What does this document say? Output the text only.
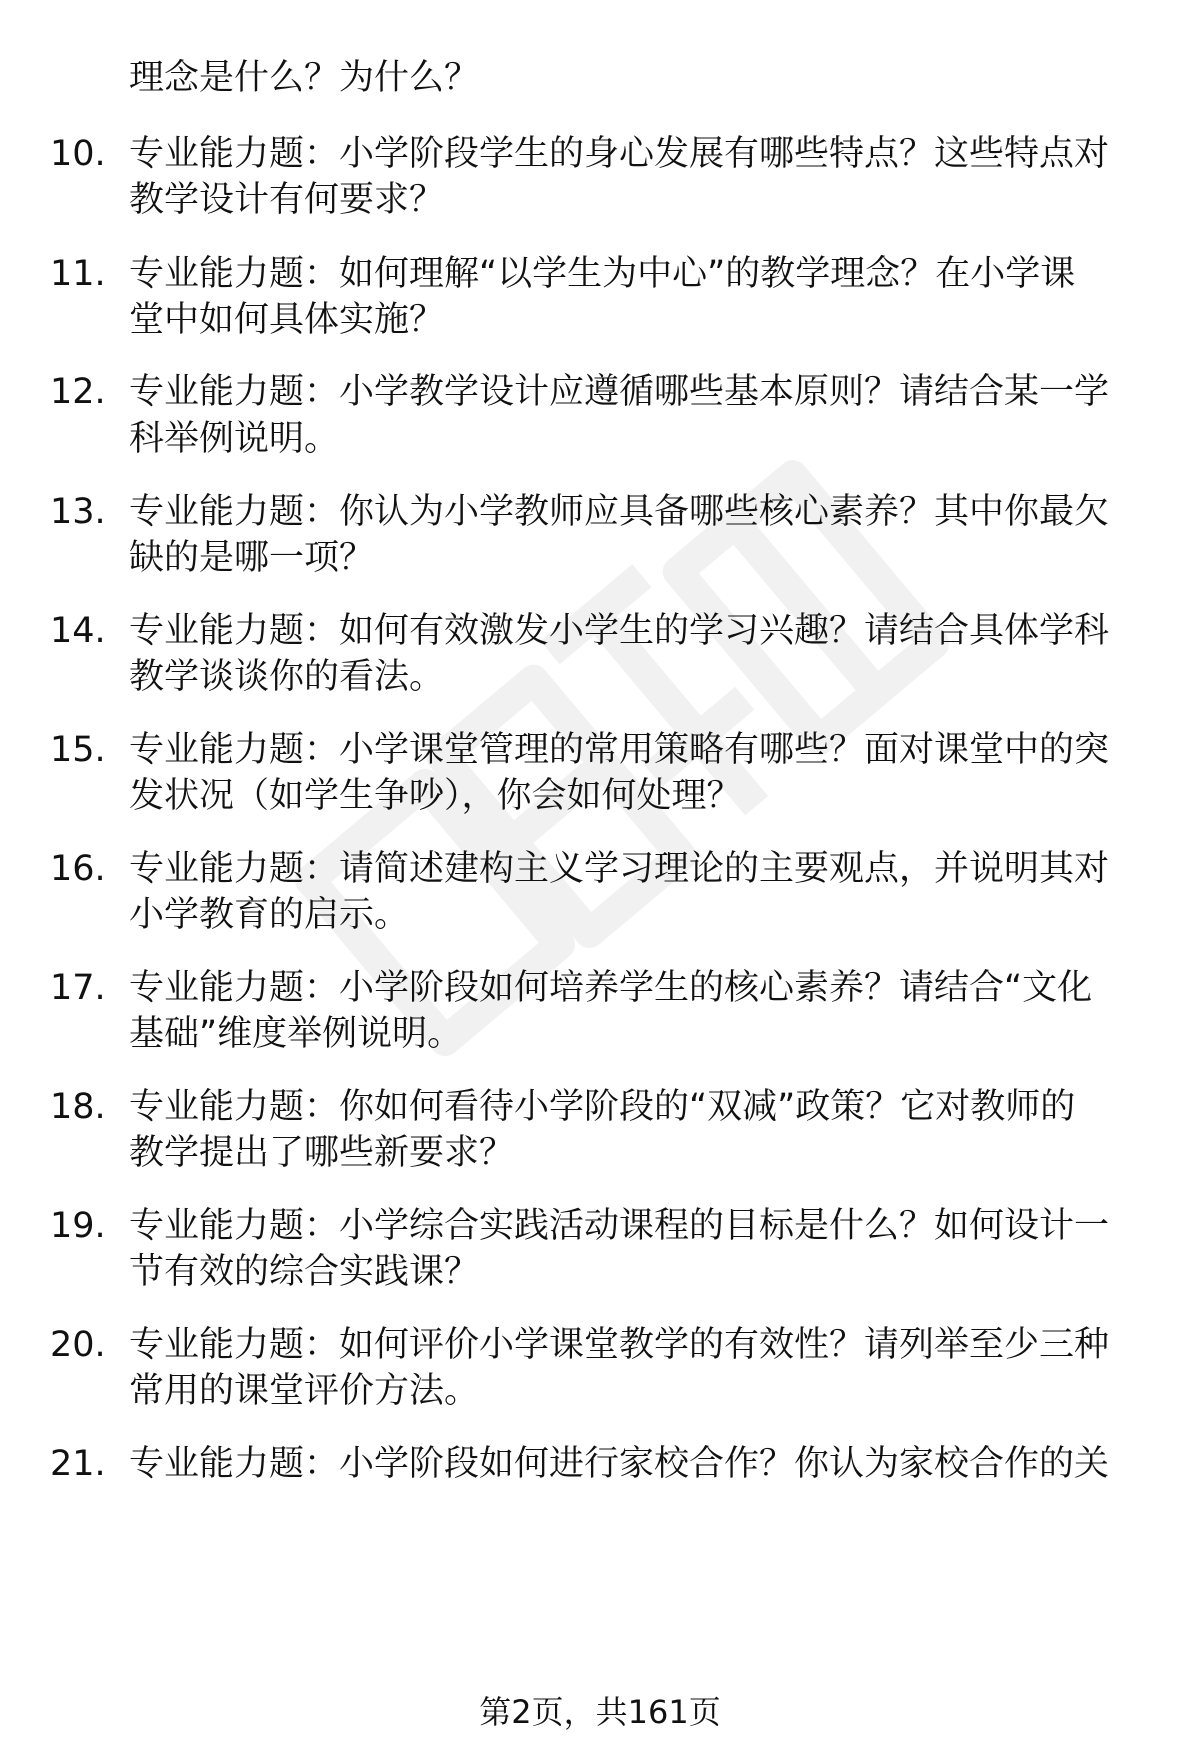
理念是什么？为什么？
10. 专业能力题：小学阶段学生的身心发展有哪些特点？这些特点对
教学设计有何要求？
11. 专业能力题：如何理解“以学生为中心”的教学理念？在小学课
堂中如何具体实施？
12. 专业能力题：小学教学设计应遵循哪些基本原则？请结合某一学
科举例说明。
13. 专业能力题：你认为小学教师应具备哪些核心素养？其中你最欠
缺的是哪一项？
14. 专业能力题：如何有效激发小学生的学习兴趣？请结合具体学科
教学谈谈你的看法。
15. 专业能力题：小学课堂管理的常用策略有哪些？面对课堂中的突
发状况（如学生争吵），你会如何处理？
16. 专业能力题：请简述建构主义学习理论的主要观点，并说明其对
小学教育的启示。
17. 专业能力题：小学阶段如何培养学生的核心素养？请结合“文化
基础”维度举例说明。
18. 专业能力题：你如何看待小学阶段的“双减”政策？它对教师的
教学提出了哪些新要求？
19. 专业能力题：小学综合实践活动课程的目标是什么？如何设计一
节有效的综合实践课？
20. 专业能力题：如何评价小学课堂教学的有效性？请列举至少三种
常用的课堂评价方法。
21. 专业能力题：小学阶段如何进行家校合作？你认为家校合作的关
第2页，共161页
